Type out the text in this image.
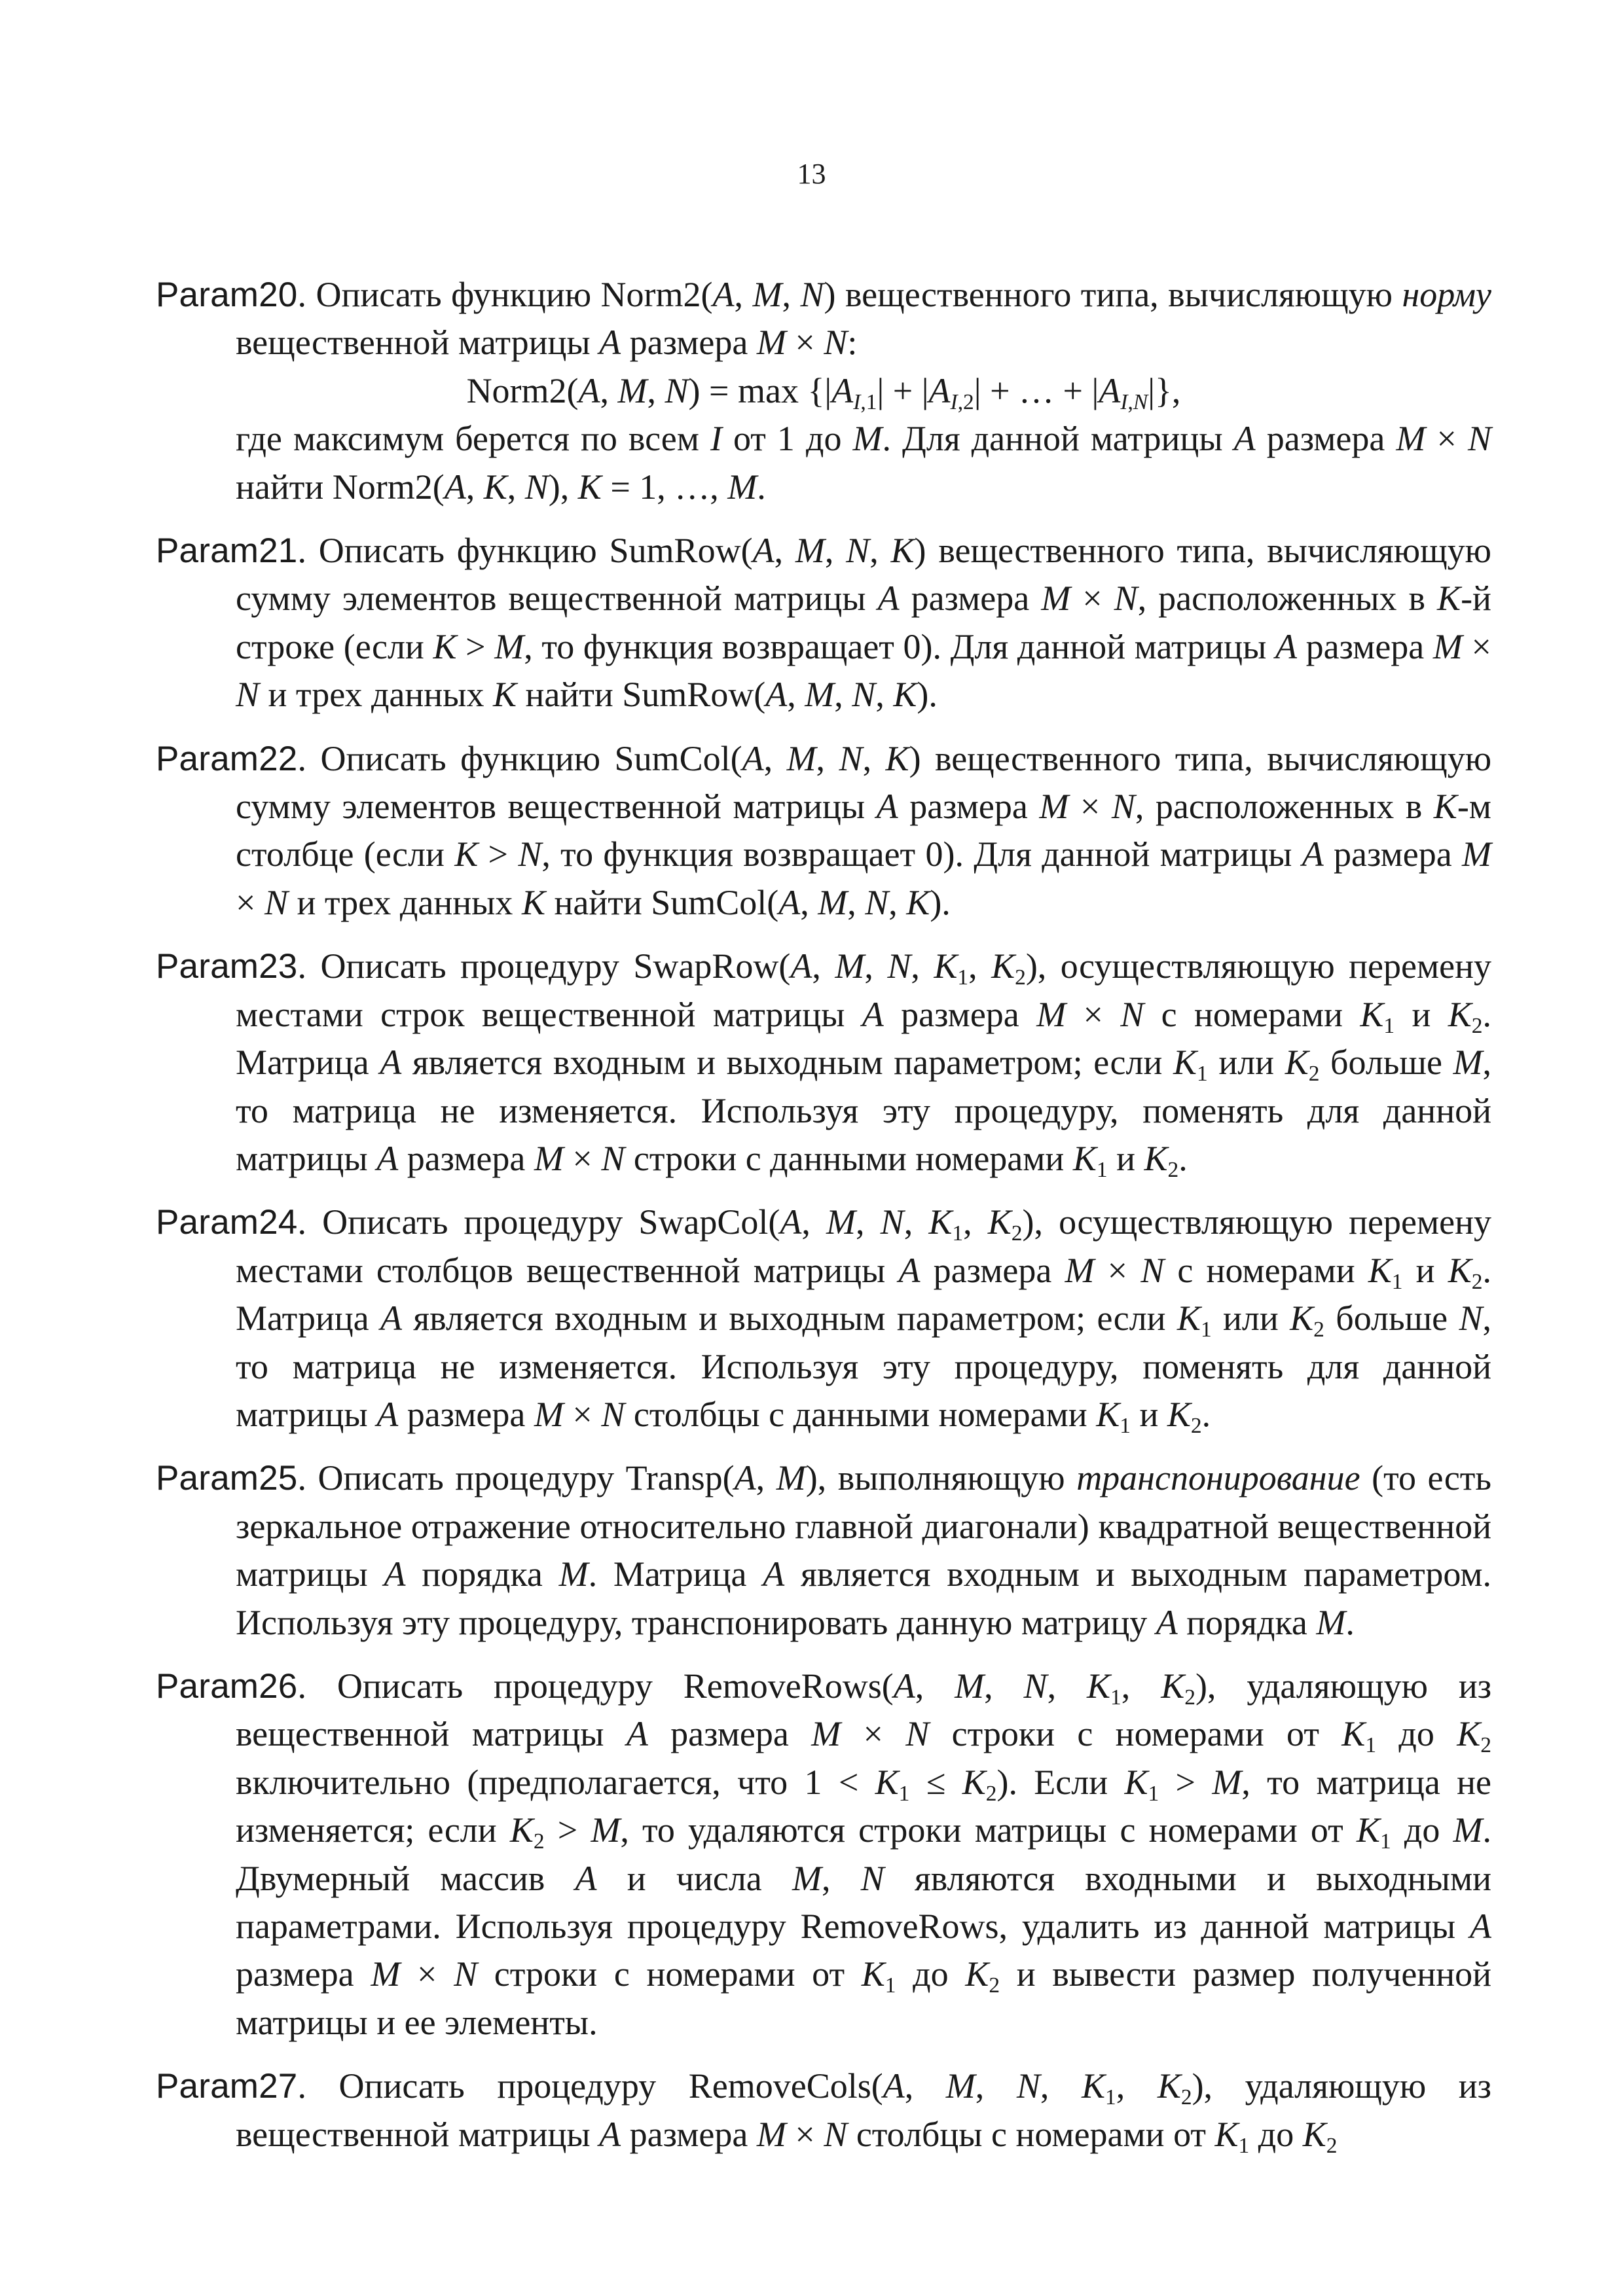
13

Param20. Описать функцию Norm2(A, M, N) вещественного типа, вычисляющую норму вещественной матрицы A размера M × N:
Norm2(A, M, $N) = \max \{|A_{I,1}| + |A_{I,2}|$ + … + $|A_{I,N}|$},
где максимум берется по всем I от 1 до M. Для данной матрицы A размера M × N найти Norm2(A, K, N), K = 1, …, M.

Param21. Описать функцию SumRow(A, M, N, K) вещественного типа, вычисляющую сумму элементов вещественной матрицы A размера M × N, расположенных в K-й строке (если K > M, то функция возвращает 0). Для данной матрицы A размера M × N и трех данных K найти SumRow(A, M, N, K).

Param22. Описать функцию SumCol(A, M, N, K) вещественного типа, вычисляющую сумму элементов вещественной матрицы A размера M × N, расположенных в K-м столбце (если K > N, то функция возвращает 0). Для данной матрицы A размера M × N и трех данных K найти SumCol(A, M, N, K).

Param23. Описать процедуру SwapRow(A, M, N, $K_1$, $K_2$), осуществляющую перемену местами строк вещественной матрицы A размера M × N с номерами $K_1$ и $K_2$. Матрица A является входным и выходным параметром; если $K_1$ или $K_2$ больше M, то матрица не изменяется. Используя эту процедуру, поменять для данной матрицы A размера M × N строки с данными номерами $K_1$ и $K_2$.

Param24. Описать процедуру SwapCol(A, M, N, $K_1$, $K_2$), осуществляющую перемену местами столбцов вещественной матрицы A размера M × N с номерами $K_1$ и $K_2$. Матрица A является входным и выходным параметром; если $K_1$ или $K_2$ больше N, то матрица не изменяется. Используя эту процедуру, поменять для данной матрицы A размера M × N столбцы с данными номерами $K_1$ и $K_2$.

Param25. Описать процедуру Transp(A, M), выполняющую транспонирование (то есть зеркальное отражение относительно главной диагонали) квадратной вещественной матрицы A порядка M. Матрица A является входным и выходным параметром. Используя эту процедуру, транспонировать данную матрицу A порядка M.

Param26. Описать процедуру RemoveRows(A, M, N, $K_1$, $K_2$), удаляющую из вещественной матрицы A размера M × N строки с номерами от $K_1$ до $K_2$ включительно (предполагается, что $1 < K_1 \le K_2$). Если $K_1 > M$, то матрица не изменяется; если $K_2 > M$, то удаляются строки матрицы с номерами от $K_1$ до M. Двумерный массив A и числа M, N являются входными и выходными параметрами. Используя процедуру RemoveRows, удалить из данной матрицы A размера M × N строки с номерами от $K_1$ до $K_2$ и вывести размер полученной матрицы и ее элементы.

Param27. Описать процедуру RemoveCols(A, M, N, $K_1$, $K_2$), удаляющую из вещественной матрицы A размера M × N столбцы с номерами от $K_1$ до $K_2$
